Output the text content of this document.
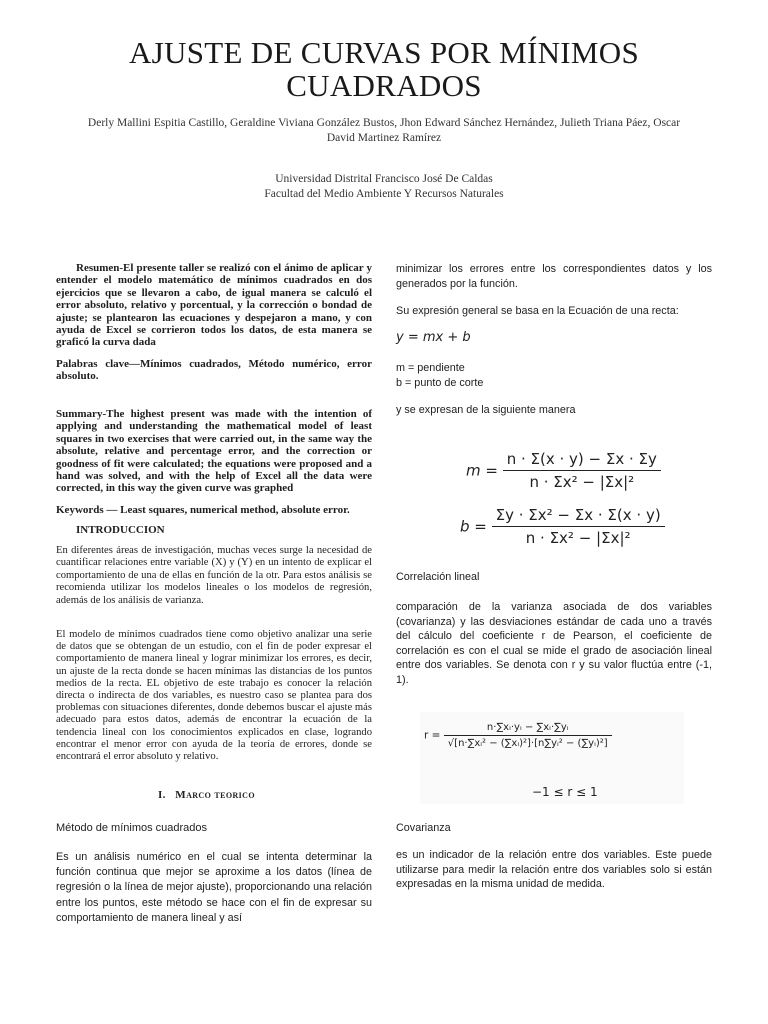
AJUSTE DE CURVAS POR MÍNIMOS CUADRADOS
Derly Mallini Espitia Castillo, Geraldine Viviana González Bustos, Jhon Edward Sánchez Hernández, Julieth Triana Páez, Oscar David Martinez Ramírez
Universidad Distrital Francisco José De Caldas
Facultad del Medio Ambiente Y Recursos Naturales
Resumen-El presente taller se realizó con el ánimo de aplicar y entender el modelo matemático de mínimos cuadrados en dos ejercicios que se llevaron a cabo, de igual manera se calculó el error absoluto, relativo y porcentual, y la corrección o bondad de ajuste; se plantearon las ecuaciones y despejaron a mano, y con ayuda de Excel se corrieron todos los datos, de esta manera se graficó la curva dada
Palabras clave—Mínimos cuadrados, Método numérico, error absoluto.
Summary-The highest present was made with the intention of applying and understanding the mathematical model of least squares in two exercises that were carried out, in the same way the absolute, relative and percentage error, and the correction or goodness of fit were calculated; the equations were proposed and a hand was solved, and with the help of Excel all the data were corrected, in this way the given curve was graphed
Keywords — Least squares, numerical method, absolute error.
INTRODUCCION
En diferentes áreas de investigación, muchas veces surge la necesidad de cuantificar relaciones entre variable (X) y (Y) en un intento de explicar el comportamiento de una de ellas en función de la otr. Para estos análisis se recomienda utilizar los modelos lineales o los modelos de regresión, además de los análisis de varianza.
El modelo de mínimos cuadrados tiene como objetivo analizar una serie de datos que se obtengan de un estudio, con el fin de poder expresar el comportamiento de manera lineal y lograr minimizar los errores, es decir, un ajuste de la recta donde se hacen mínimas las distancias de los puntos medios de la recta. EL objetivo de este trabajo es conocer la relación directa o indirecta de dos variables, es nuestro caso se plantea para dos problemas con situaciones diferentes, donde debemos buscar el ajuste más adecuado para estos datos, además de encontrar la ecuación de la tendencia lineal con los conocimientos explicados en clase, logrando encontrar el menor error con ayuda de la teoría de errores, donde se encontrará el error absoluto y relativo.
I. Marco teorico
Método de mínimos cuadrados
Es un análisis numérico en el cual se intenta determinar la función continua que mejor se aproxime a los datos (línea de regresión o la línea de mejor ajuste), proporcionando una relación entre los puntos, este método se hace con el fin de expresar su comportamiento de manera lineal y así
minimizar los errores entre los correspondientes datos y los generados por la función.
Su expresión general se basa en la Ecuación de una recta:
y = mx + b
m = pendiente
b = punto de corte
y se expresan de la siguiente manera
$m = \frac{n \cdot \Sigma(x \cdot y) - \Sigma x \cdot \Sigma y}{\text{n · Σx² − |Σx|²}}$
$b = \frac{\text{Σy · Σx² − Σx · Σ(x · y)}}{\text{n · Σx² − |Σx|²}}$
Correlación lineal
comparación de la varianza asociada de dos variables (covarianza) y las desviaciones estándar de cada uno a través del cálculo del coeficiente r de Pearson, el coeficiente de correlación es con el cual se mide el grado de asociación lineal entre dos variables. Se denota con r y su valor fluctúa entre (-1, 1).
$r = \frac{\text{n·∑xᵢ·yᵢ − ∑xᵢ·∑yᵢ}}{\text{√[n·∑xᵢ² − (∑xᵢ)²]·[n∑yᵢ² − (∑yᵢ)²]}}$
−1 ≤ r ≤ 1
Covarianza
es un indicador de la relación entre dos variables. Este puede utilizarse para medir la relación entre dos variables solo si están expresadas en la misma unidad de medida.
